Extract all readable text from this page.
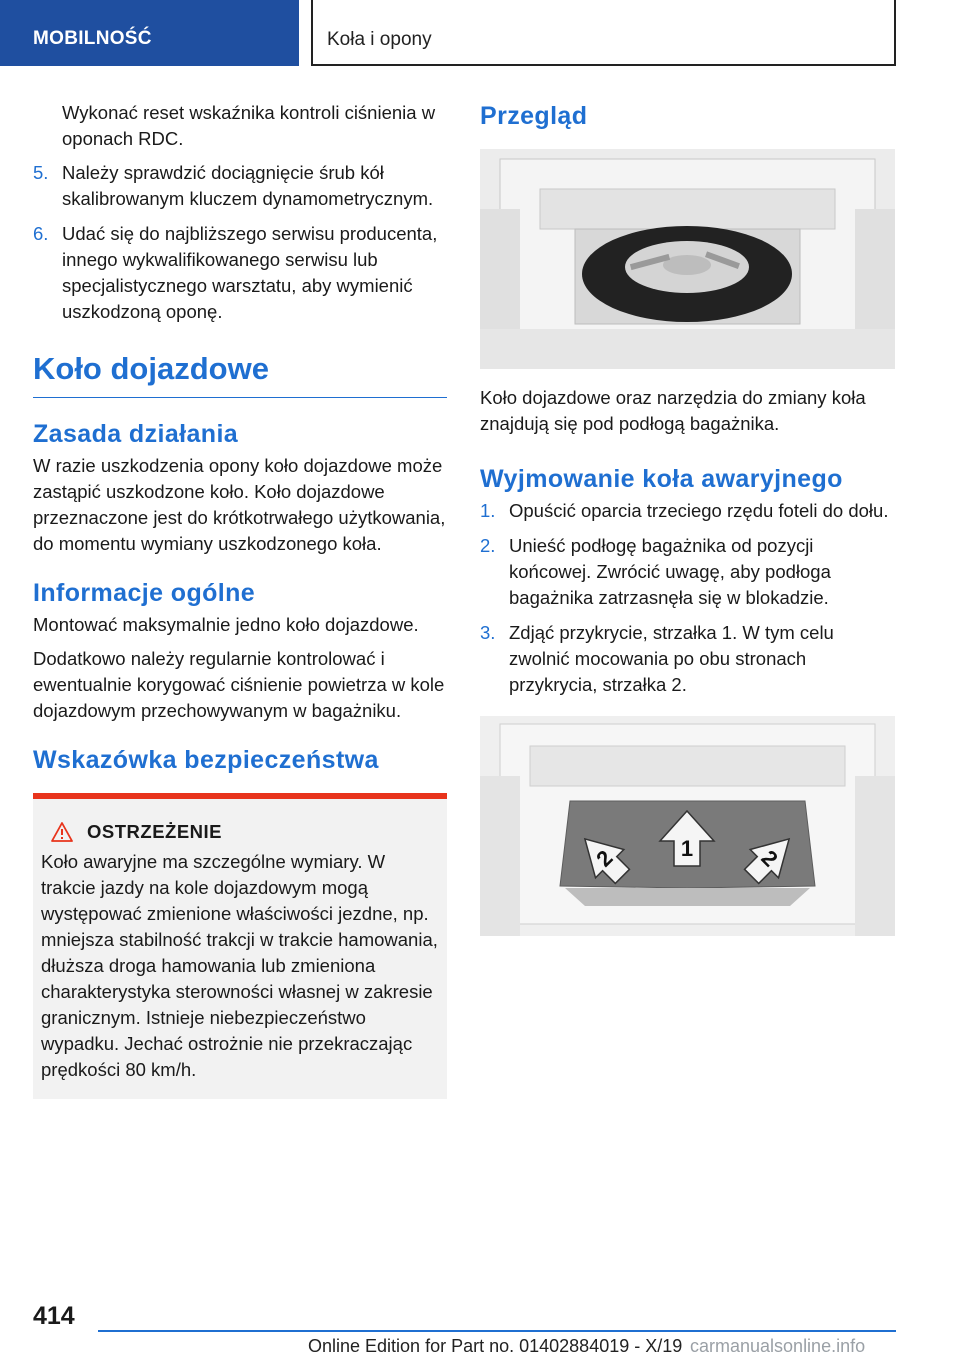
MOBILNOŚĆ	Koła i opony

Wykonać reset wskaźnika kontroli ciśnienia w oponach RDC.

5. Należy sprawdzić dociągnięcie śrub kół skalibrowanym kluczem dynamometrycznym.
6. Udać się do najbliższego serwisu producenta, innego wykwalifikowanego serwisu lub specjalistycznego warsztatu, aby wymienić uszkodzoną oponę.
Koło dojazdowe
Zasada działania

W razie uszkodzenia opony koło dojazdowe może zastąpić uszkodzone koło. Koło dojazdowe przeznaczone jest do krótkotrwałego użytkowania, do momentu wymiany uszkodzonego koła.

Informacje ogólne

Montować maksymalnie jedno koło dojazdowe.

Dodatkowo należy regularnie kontrolować i ewentualnie korygować ciśnienie powietrza w kole dojazdowym przechowywanym w bagażniku.

Wskazówka bezpieczeństwa
OSTRZEŻENIE
Koło awaryjne ma szczególne wymiary. W trakcie jazdy na kole dojazdowym mogą występować zmienione właściwości jezdne, np. mniejsza stabilność trakcji w trakcie hamowania, dłuższa droga hamowania lub zmieniona charakterystyka sterowności własnej w zakresie granicznym. Istnieje niebezpieczeństwo wypadku. Jechać ostrożnie nie przekraczając prędkości 80 km/h.
Przegląd

Koło dojazdowe oraz narzędzia do zmiany koła znajdują się pod podłogą bagażnika.

Wyjmowanie koła awaryjnego
1. Opuścić oparcia trzeciego rzędu foteli do dołu.
2. Unieść podłogę bagażnika od pozycji końcowej. Zwrócić uwagę, aby podłoga bagażnika zatrzasnęła się w blokadzie.
3. Zdjąć przykrycie, strzałka 1. W tym celu zwolnić mocowania po obu stronach przykrycia, strzałka 2.
2	1	2
414
Online Edition for Part no. 01402884019 - X/19 carmanualsonline.info
